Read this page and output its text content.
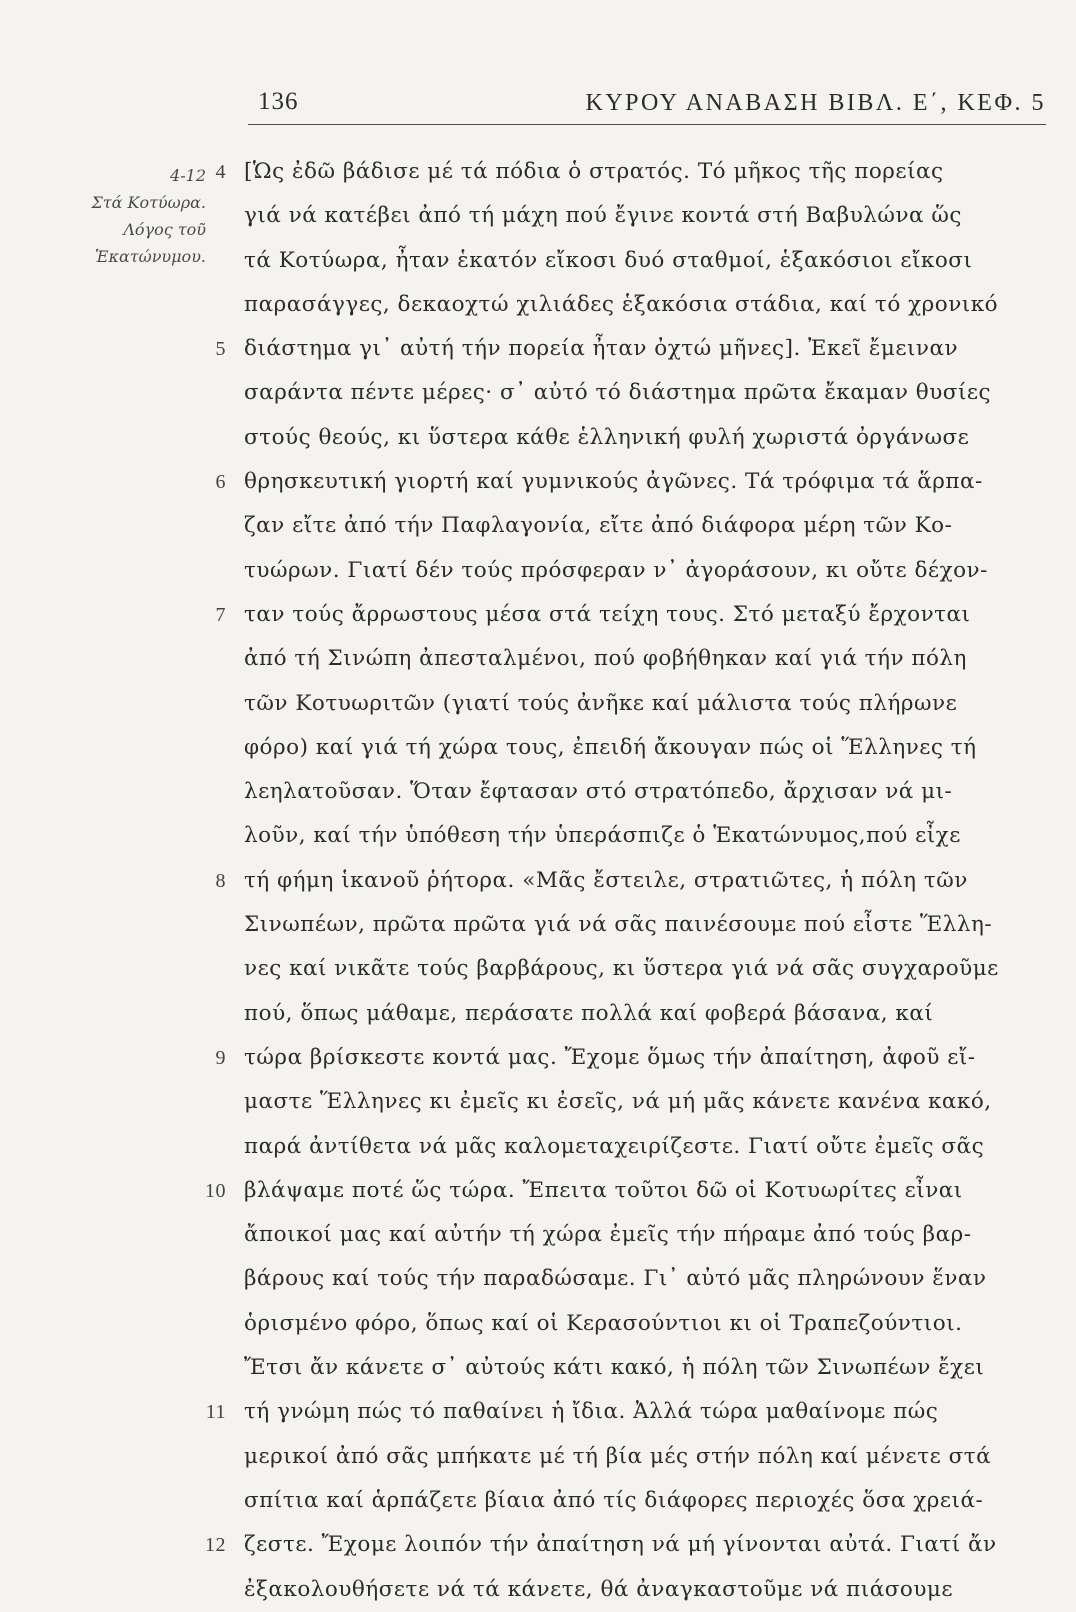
136	ΚΥΡΟΥ ΑΝΑΒΑΣΗ ΒΙΒΛ. Ε΄, ΚΕΦ. 5
4-12
Στά Κοτύωρα.
Λόγος τοῦ
Ἑκατώνυμου.
4 [Ὡς ἐδῶ βάδισε μέ τά πόδια ὁ στρατός. Τό μῆκος τῆς πορείας
γιά νά κατέβει ἀπό τή μάχη πού ἔγινε κοντά στή Βαβυλώνα ὥς
τά Κοτύωρα, ἦταν ἑκατόν εἴκοσι δυό σταθμοί, ἑξακόσιοι εἴκοσι
παρασάγγες, δεκαοχτώ χιλιάδες ἑξακόσια στάδια, καί τό χρονικό
5 διάστημα γι᾽ αὐτή τήν πορεία ἦταν ὀχτώ μῆνες]. Ἐκεῖ ἔμειναν
σαράντα πέντε μέρες· σ᾽ αὐτό τό διάστημα πρῶτα ἔκαμαν θυσίες
στούς θεούς, κι ὕστερα κάθε ἑλληνική φυλή χωριστά ὀργάνωσε
6 θρησκευτική γιορτή καί γυμνικούς ἀγῶνες. Τά τρόφιμα τά ἅρπα-
ζαν εἴτε ἀπό τήν Παφλαγονία, εἴτε ἀπό διάφορα μέρη τῶν Κο-
τυώρων. Γιατί δέν τούς πρόσφεραν ν᾽ ἀγοράσουν, κι οὔτε δέχον-
7 ταν τούς ἄρρωστους μέσα στά τείχη τους. Στό μεταξύ ἔρχονται
ἀπό τή Σινώπη ἀπεσταλμένοι, πού φοβήθηκαν καί γιά τήν πόλη
τῶν Κοτυωριτῶν (γιατί τούς ἀνῆκε καί μάλιστα τούς πλήρωνε
φόρο) καί γιά τή χώρα τους, ἐπειδή ἄκουγαν πώς οἱ Ἕλληνες τή
λεηλατοῦσαν. Ὅταν ἔφτασαν στό στρατόπεδο, ἄρχισαν νά μι-
λοῦν, καί τήν ὑπόθεση τήν ὑπεράσπιζε ὁ Ἑκατώνυμος,πού εἶχε
8 τή φήμη ἱκανοῦ ῥήτορα. «Μᾶς ἔστειλε, στρατιῶτες, ἡ πόλη τῶν
Σινωπέων, πρῶτα πρῶτα γιά νά σᾶς παινέσουμε πού εἶστε Ἕλλη-
νες καί νικᾶτε τούς βαρβάρους, κι ὕστερα γιά νά σᾶς συγχαροῦμε
πού, ὅπως μάθαμε, περάσατε πολλά καί φοβερά βάσανα, καί
9 τώρα βρίσκεστε κοντά μας. Ἔχομε ὅμως τήν ἀπαίτηση, ἀφοῦ εἴ-
μαστε Ἕλληνες κι ἐμεῖς κι ἐσεῖς, νά μή μᾶς κάνετε κανένα κακό,
παρά ἀντίθετα νά μᾶς καλομεταχειρίζεστε. Γιατί οὔτε ἐμεῖς σᾶς
10 βλάψαμε ποτέ ὥς τώρα. Ἔπειτα τοῦτοι δῶ οἱ Κοτυωρίτες εἶναι
ἄποικοί μας καί αὐτήν τή χώρα ἐμεῖς τήν πήραμε ἀπό τούς βαρ-
βάρους καί τούς τήν παραδώσαμε. Γι᾽ αὐτό μᾶς πληρώνουν ἕναν
ὁρισμένο φόρο, ὅπως καί οἱ Κερασούντιοι κι οἱ Τραπεζούντιοι.
Ἔτσι ἄν κάνετε σ᾽ αὐτούς κάτι κακό, ἡ πόλη τῶν Σινωπέων ἔχει
11 τή γνώμη πώς τό παθαίνει ἡ ἴδια. Ἀλλά τώρα μαθαίνομε πώς
μερικοί ἀπό σᾶς μπήκατε μέ τή βία μές στήν πόλη καί μένετε στά
σπίτια καί ἁρπάζετε βίαια ἀπό τίς διάφορες περιοχές ὅσα χρειά-
12 ζεστε. Ἔχομε λοιπόν τήν ἀπαίτηση νά μή γίνονται αὐτά. Γιατί ἄν
ἐξακολουθήσετε νά τά κάνετε, θά ἀναγκαστοῦμε νά πιάσουμε
